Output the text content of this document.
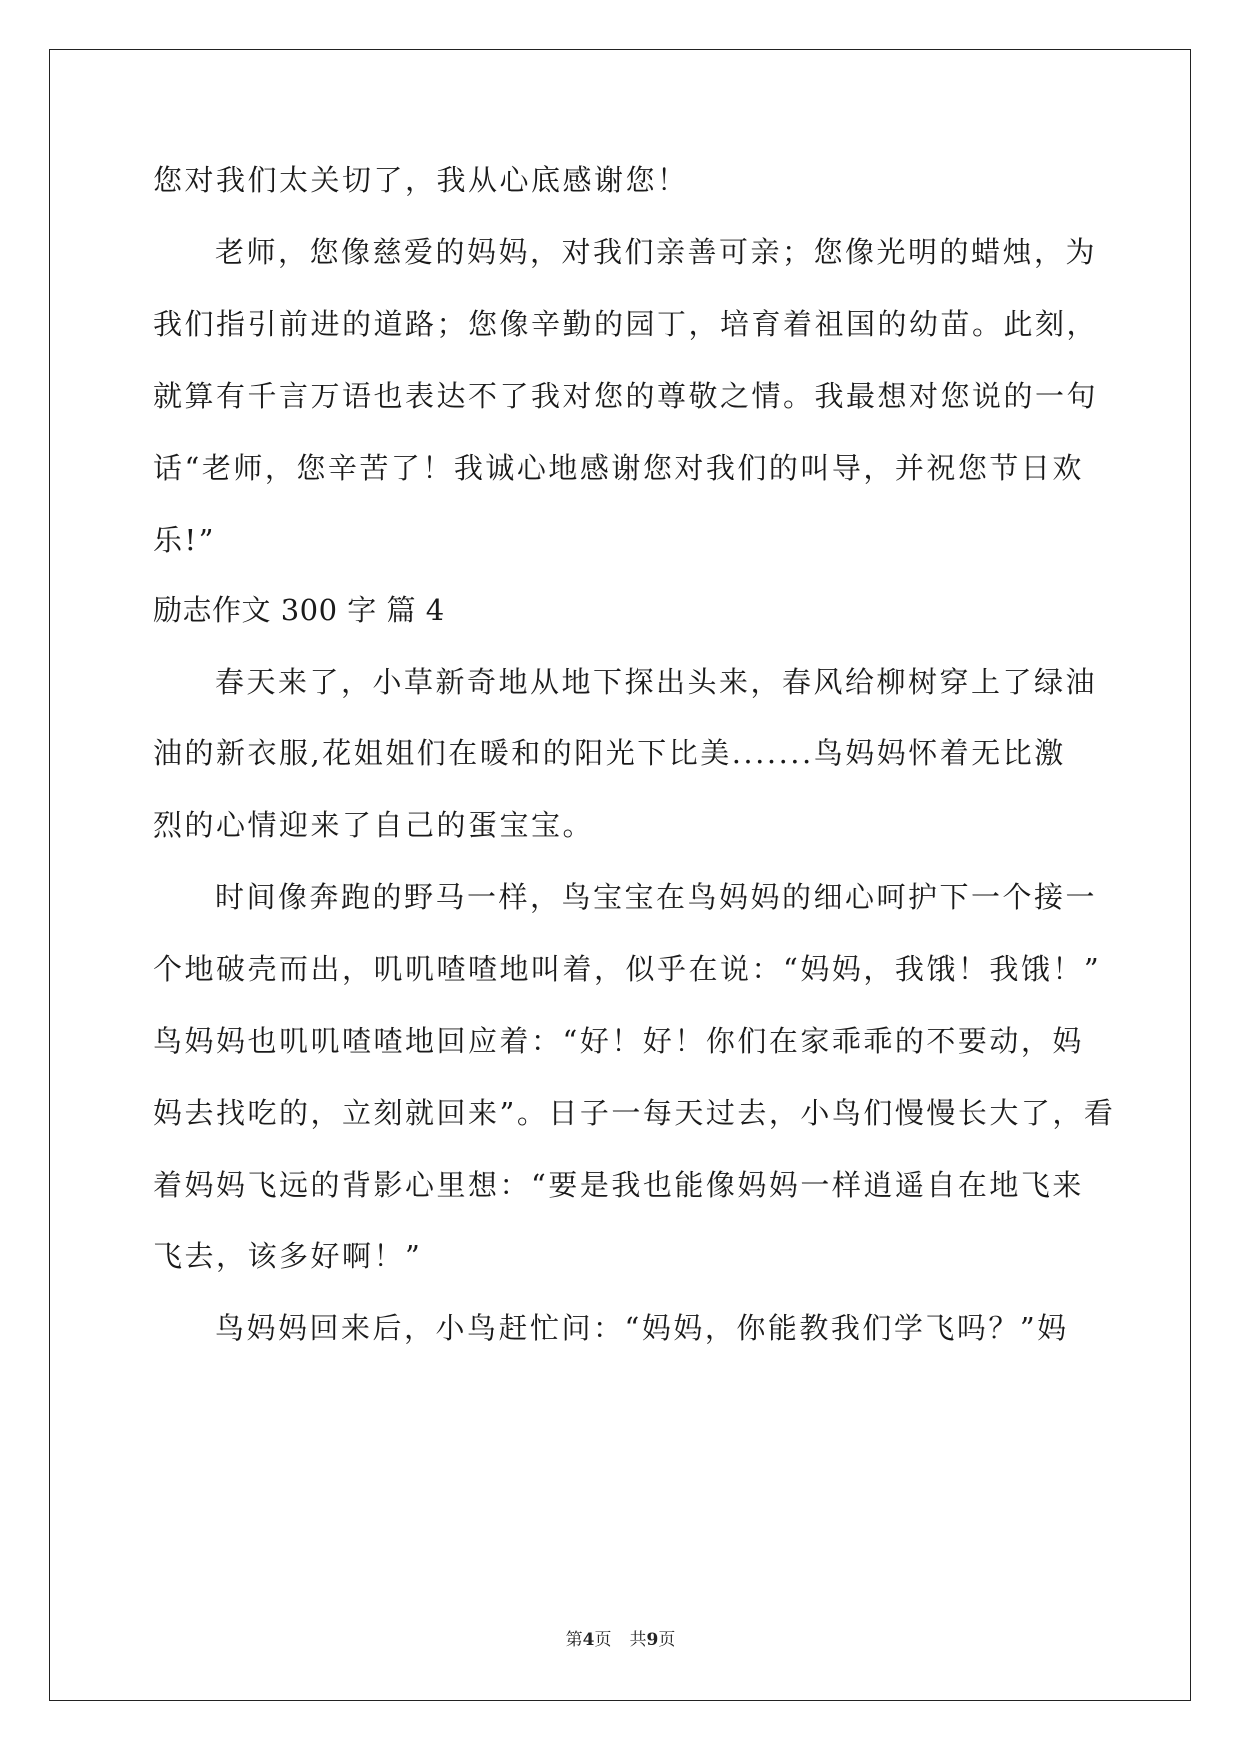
您对我们太关切了，我从心底感谢您！
老师，您像慈爱的妈妈，对我们亲善可亲；您像光明的蜡烛，为
我们指引前进的道路；您像辛勤的园丁，培育着祖国的幼苗。此刻，
就算有千言万语也表达不了我对您的尊敬之情。我最想对您说的一句
话“老师，您辛苦了！我诚心地感谢您对我们的叫导，并祝您节日欢
乐!”
励志作文 300 字 篇 4
春天来了，小草新奇地从地下探出头来，春风给柳树穿上了绿油
油的新衣服,花姐姐们在暖和的阳光下比美.......鸟妈妈怀着无比激
烈的心情迎来了自己的蛋宝宝。
时间像奔跑的野马一样，鸟宝宝在鸟妈妈的细心呵护下一个接一
个地破壳而出，叽叽喳喳地叫着，似乎在说：“妈妈，我饿！我饿！”
鸟妈妈也叽叽喳喳地回应着：“好！好！你们在家乖乖的不要动，妈
妈去找吃的，立刻就回来”。日子一每天过去，小鸟们慢慢长大了，看
着妈妈飞远的背影心里想：“要是我也能像妈妈一样逍遥自在地飞来
飞去，该多好啊！”
鸟妈妈回来后，小鸟赶忙问：“妈妈，你能教我们学飞吗？”妈
第4页 共9页
